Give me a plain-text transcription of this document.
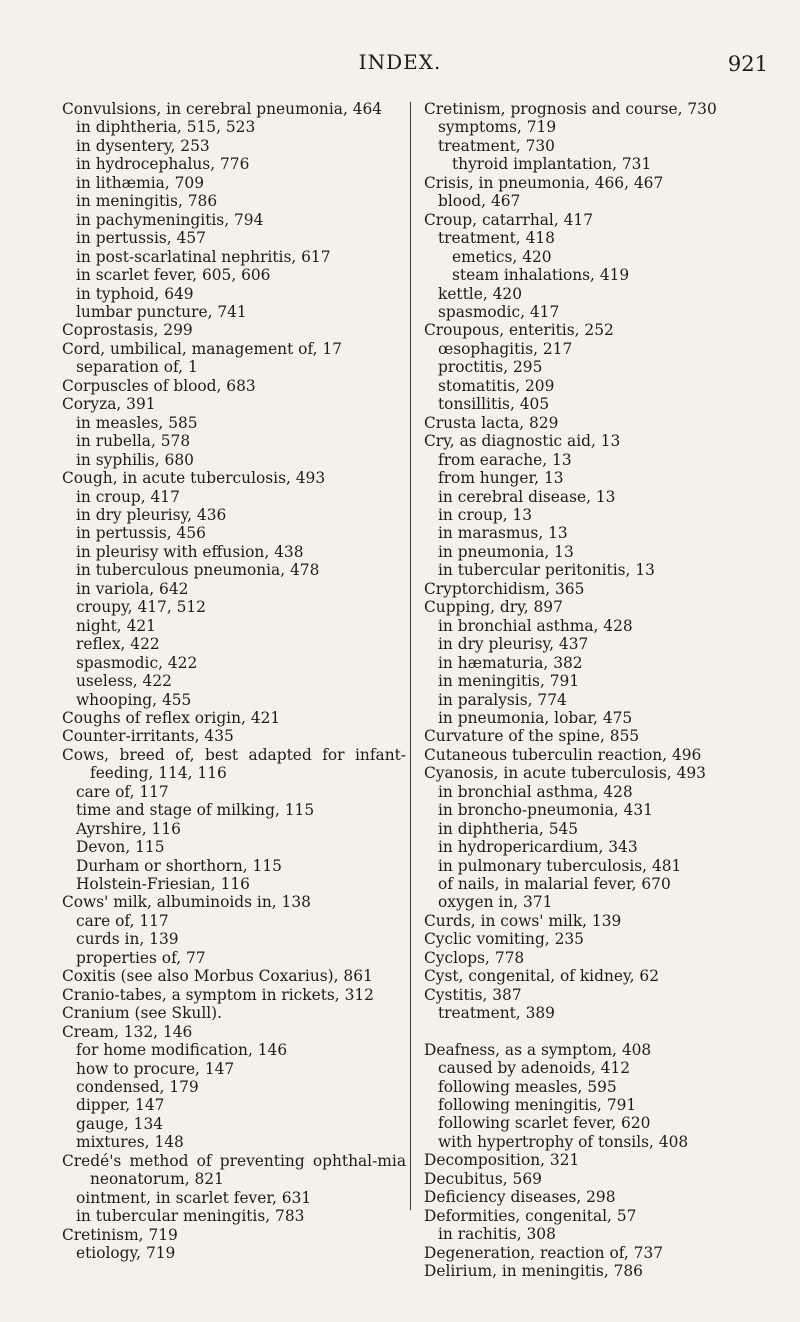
INDEX.	921
Convulsions, in cerebral pneumonia, 464
in diphtheria, 515, 523
in dysentery, 253
in hydrocephalus, 776
in lithæmia, 709
in meningitis, 786
in pachymeningitis, 794
in pertussis, 457
in post-scarlatinal nephritis, 617
in scarlet fever, 605, 606
in typhoid, 649
lumbar puncture, 741
Coprostasis, 299
Cord, umbilical, management of, 17
separation of, 1
Corpuscles of blood, 683
Coryza, 391
in measles, 585
in rubella, 578
in syphilis, 680
Cough, in acute tuberculosis, 493
in croup, 417
in dry pleurisy, 436
in pertussis, 456
in pleurisy with effusion, 438
in tuberculous pneumonia, 478
in variola, 642
croupy, 417, 512
night, 421
reflex, 422
spasmodic, 422
useless, 422
whooping, 455
Coughs of reflex origin, 421
Counter-irritants, 435
Cows, breed of, best adapted for infant-feeding, 114, 116
care of, 117
time and stage of milking, 115
Ayrshire, 116
Devon, 115
Durham or shorthorn, 115
Holstein-Friesian, 116
Cows' milk, albuminoids in, 138
care of, 117
curds in, 139
properties of, 77
Coxitis (see also Morbus Coxarius), 861
Cranio-tabes, a symptom in rickets, 312
Cranium (see Skull).
Cream, 132, 146
for home modification, 146
how to procure, 147
condensed, 179
dipper, 147
gauge, 134
mixtures, 148
Credé's method of preventing ophthal-mia neonatorum, 821
ointment, in scarlet fever, 631
in tubercular meningitis, 783
Cretinism, 719
etiology, 719
Cretinism, prognosis and course, 730
symptoms, 719
treatment, 730
thyroid implantation, 731
Crisis, in pneumonia, 466, 467
blood, 467
Croup, catarrhal, 417
treatment, 418
emetics, 420
steam inhalations, 419
kettle, 420
spasmodic, 417
Croupous, enteritis, 252
œsophagitis, 217
proctitis, 295
stomatitis, 209
tonsillitis, 405
Crusta lacta, 829
Cry, as diagnostic aid, 13
from earache, 13
from hunger, 13
in cerebral disease, 13
in croup, 13
in marasmus, 13
in pneumonia, 13
in tubercular peritonitis, 13
Cryptorchidism, 365
Cupping, dry, 897
in bronchial asthma, 428
in dry pleurisy, 437
in hæmaturia, 382
in meningitis, 791
in paralysis, 774
in pneumonia, lobar, 475
Curvature of the spine, 855
Cutaneous tuberculin reaction, 496
Cyanosis, in acute tuberculosis, 493
in bronchial asthma, 428
in broncho-pneumonia, 431
in diphtheria, 545
in hydropericardium, 343
in pulmonary tuberculosis, 481
of nails, in malarial fever, 670
oxygen in, 371
Curds, in cows' milk, 139
Cyclic vomiting, 235
Cyclops, 778
Cyst, congenital, of kidney, 62
Cystitis, 387
treatment, 389
Deafness, as a symptom, 408
caused by adenoids, 412
following measles, 595
following meningitis, 791
following scarlet fever, 620
with hypertrophy of tonsils, 408
Decomposition, 321
Decubitus, 569
Deficiency diseases, 298
Deformities, congenital, 57
in rachitis, 308
Degeneration, reaction of, 737
Delirium, in meningitis, 786
